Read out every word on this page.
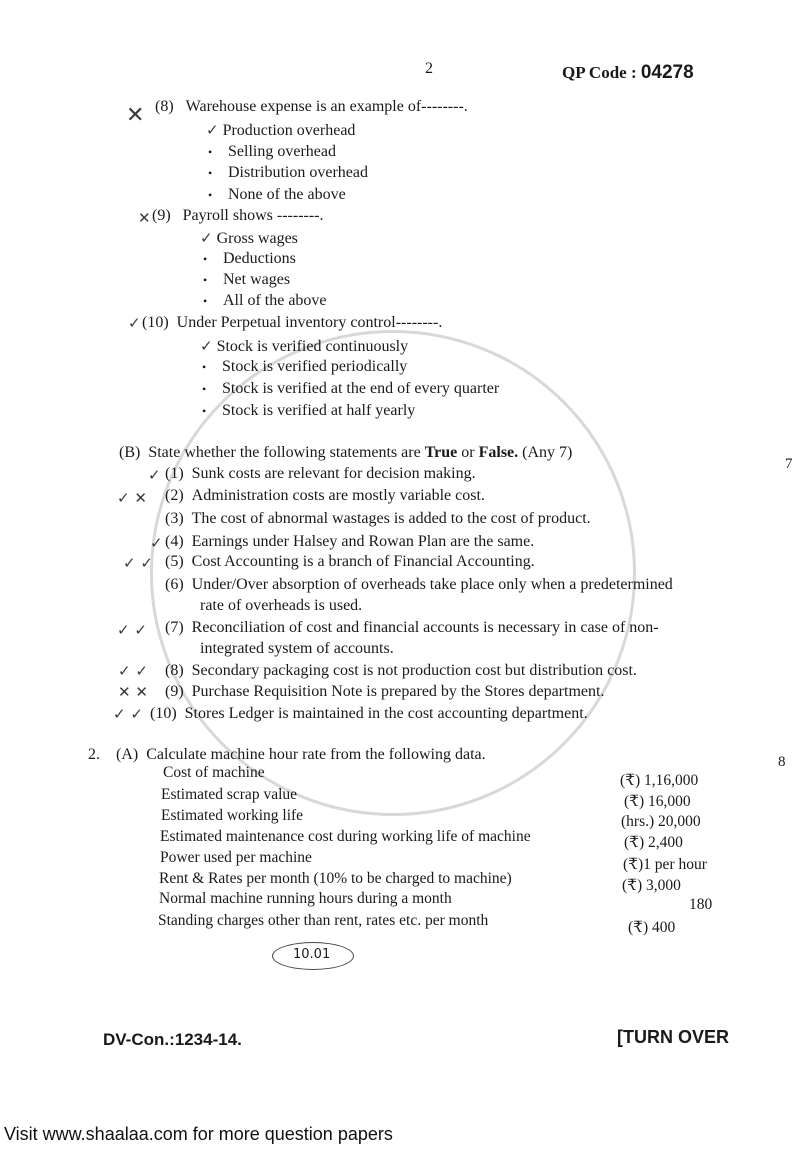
2	QP Code : 04278
✕ (8) Warehouse expense is an example of--------.
✓ Production overhead
• Selling overhead
• Distribution overhead
• None of the above
✕ (9) Payroll shows --------.
✓ Gross wages
• Deductions
• Net wages
• All of the above
✓ (10) Under Perpetual inventory control--------.
✓ Stock is verified continuously
• Stock is verified periodically
• Stock is verified at the end of every quarter
• Stock is verified at half yearly
(B) State whether the following statements are True or False. (Any 7)
7
✓ (1) Sunk costs are relevant for decision making.
✓ ✕ (2) Administration costs are mostly variable cost.
(3) The cost of abnormal wastages is added to the cost of product.
✓ (4) Earnings under Halsey and Rowan Plan are the same.
✓ ✓ (5) Cost Accounting is a branch of Financial Accounting.
(6) Under/Over absorption of overheads take place only when a predetermined
rate of overheads is used.
✓ ✓ (7) Reconciliation of cost and financial accounts is necessary in case of non-
integrated system of accounts.
✓ ✓ (8) Secondary packaging cost is not production cost but distribution cost.
✕ ✕ (9) Purchase Requisition Note is prepared by the Stores department.
✓ ✓ (10) Stores Ledger is maintained in the cost accounting department.
2. (A) Calculate machine hour rate from the following data.	8
Cost of machine	(₹) 1,16,000
Estimated scrap value	(₹) 16,000
Estimated working life	(hrs.) 20,000
Estimated maintenance cost during working life of machine	(₹) 2,400
Power used per machine	(₹)1 per hour
Rent & Rates per month (10% to be charged to machine)	(₹) 3,000
Normal machine running hours during a month	180
Standing charges other than rent, rates etc. per month	(₹) 400
10.01
DV-Con.:1234-14.	[TURN OVER
Visit www.shaalaa.com for more question papers
